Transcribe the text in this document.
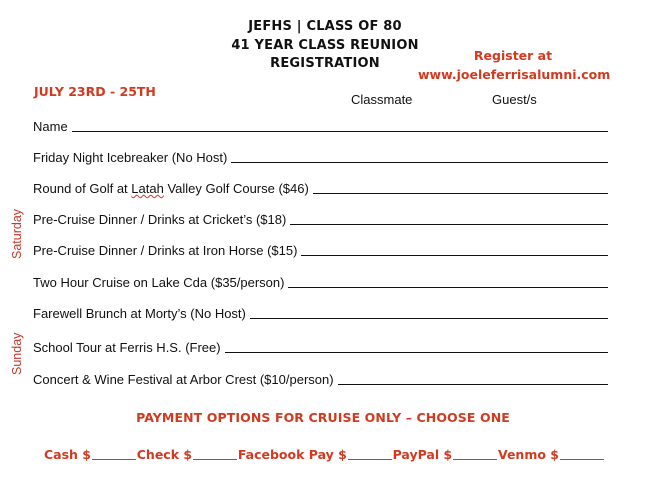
JEFHS | CLASS OF 80
41 YEAR CLASS REUNION
REGISTRATION
Register at
www.joeleferrisalumni.com
JULY 23RD - 25TH
Classmate	Guest/s
Saturday
Sunday
Name
Friday Night Icebreaker (No Host)
Round of Golf at Latah Valley Golf Course ($46)
Pre-Cruise Dinner / Drinks at Cricket’s ($18)
Pre-Cruise Dinner / Drinks at Iron Horse ($15)
Two Hour Cruise on Lake Cda ($35/person)
Farewell Brunch at Morty’s (No Host)
School Tour at Ferris H.S. (Free)
Concert & Wine Festival at Arbor Crest ($10/person)
PAYMENT OPTIONS FOR CRUISE ONLY – CHOOSE ONE
Cash $	Check $	Facebook Pay $	PayPal $	Venmo $
